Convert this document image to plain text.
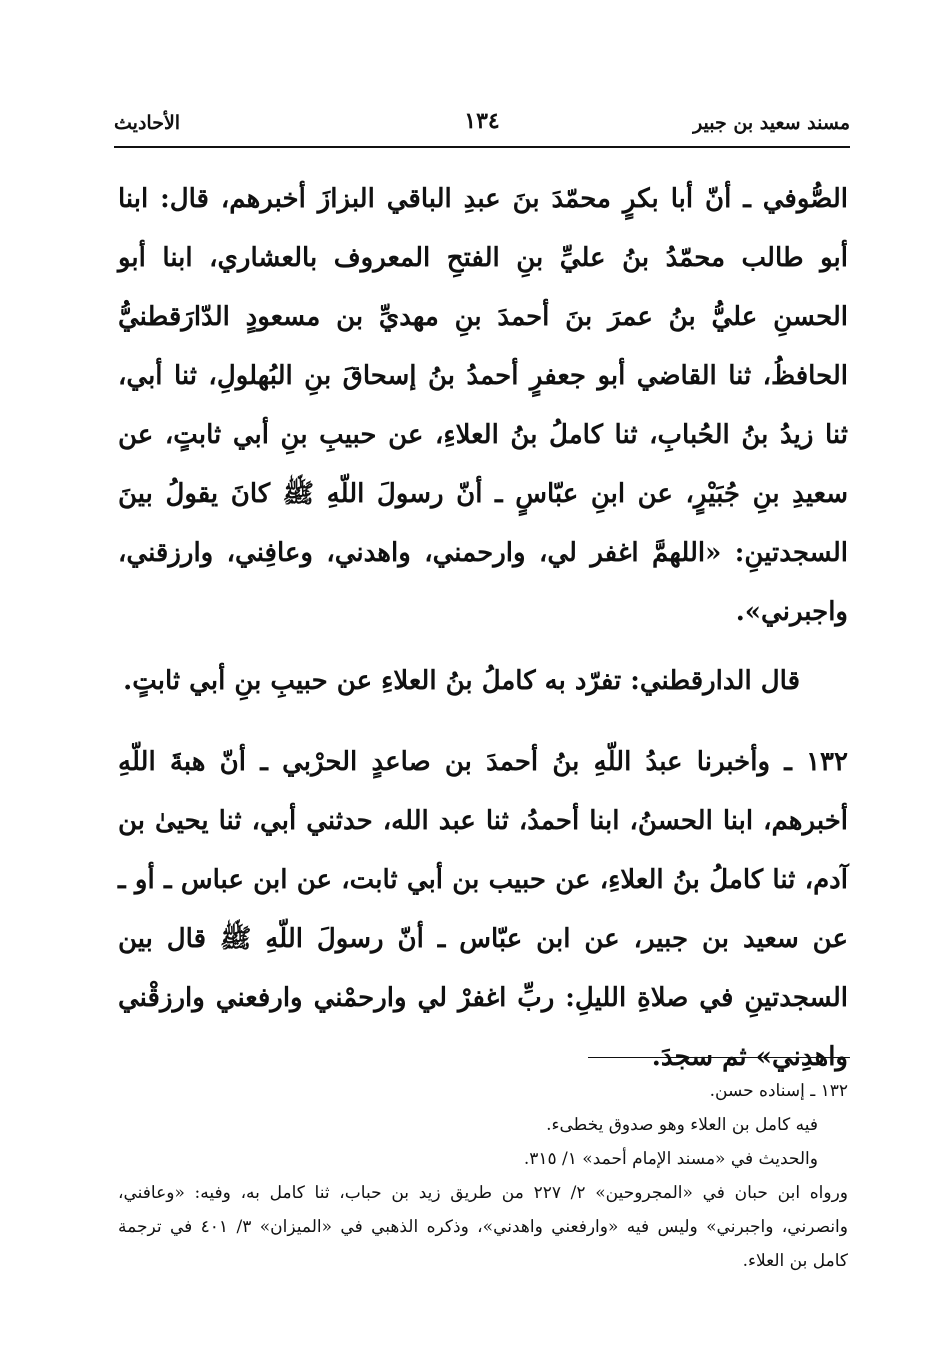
مسند سعيد بن جبير
١٣٤
الأحاديث

الصُّوفي ـ أنّ أبا بكرٍ محمّدَ بنَ عبدِ الباقي البزازَ أخبرهم، قال: ابنا أبو طالب محمّدُ بنُ عليِّ بنِ الفتحِ المعروف بالعشاري، ابنا أبو الحسنِ عليُّ بنُ عمرَ بنَ أحمدَ بنِ مهديِّ بن مسعودٍ الدّارَقطنيُّ الحافظُ، ثنا القاضي أبو جعفرٍ أحمدُ بنُ إسحاقَ بنِ البُهلولِ، ثنا أبي، ثنا زيدُ بنُ الحُبابِ، ثنا كاملُ بنُ العلاءِ، عن حبيبِ بنِ أبي ثابتٍ، عن سعيدِ بنِ جُبَيْرٍ، عن ابنِ عبّاسٍ ـ أنّ رسولَ اللّهِ ﷺ كانَ يقولُ بينَ السجدتينِ: «اللهمَّ اغفر لي، وارحمني، واهدني، وعافِني، وارزقني، واجبرني».

قال الدارقطني: تفرّد به كاملُ بنُ العلاءِ عن حبيبِ بنِ أبي ثابتٍ.

١٣٢ ـ وأخبرنا عبدُ اللّهِ بنُ أحمدَ بن صاعدٍ الحرْبي ـ أنّ هبةَ اللّهِ أخبرهم، ابنا الحسنُ، ابنا أحمدُ، ثنا عبد الله، حدثني أبي، ثنا يحيىٰ بن آدم، ثنا كاملُ بنُ العلاءِ، عن حبيب بن أبي ثابت، عن ابن عباس ـ أو ـ عن سعيد بن جبير، عن ابن عبّاس ـ أنّ رسولَ اللّهِ ﷺ قال بين السجدتينِ في صلاةِ الليلِ: ربِّ اغفرْ لي وارحمْني وارفعني وارزقْني واهدِني» ثم سجدَ.

١٣٢ ـ إسناده حسن.

فيه كامل بن العلاء وهو صدوق يخطىء.

والحديث في «مسند الإمام أحمد» ١/ ٣١٥.

ورواه ابن حبان في «المجروحين» ٢/ ٢٢٧ من طريق زيد بن حباب، ثنا كامل به، وفيه: «وعافني، وانصرني، واجبرني» وليس فيه «وارفعني واهدني»، وذكره الذهبي في «الميزان» ٣/ ٤٠١ في ترجمة كامل بن العلاء.
